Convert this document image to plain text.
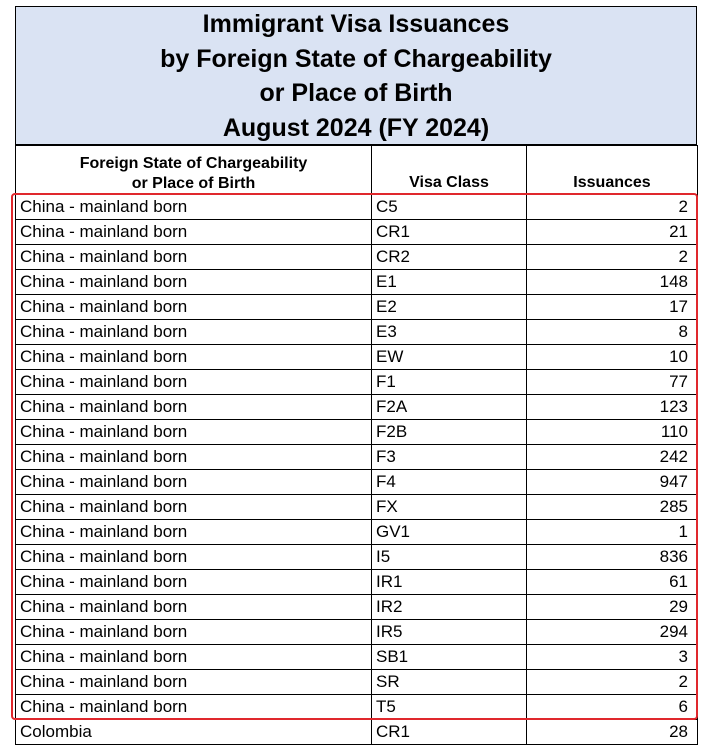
Immigrant Visa Issuances
by Foreign State of Chargeability
or Place of Birth
August 2024 (FY 2024)
Foreign State of Chargeability
or Place of Birth	Visa Class	Issuances
China - mainland born	C5	2
China - mainland born	CR1	21
China - mainland born	CR2	2
China - mainland born	E1	148
China - mainland born	E2	17
China - mainland born	E3	8
China - mainland born	EW	10
China - mainland born	F1	77
China - mainland born	F2A	123
China - mainland born	F2B	110
China - mainland born	F3	242
China - mainland born	F4	947
China - mainland born	FX	285
China - mainland born	GV1	1
China - mainland born	I5	836
China - mainland born	IR1	61
China - mainland born	IR2	29
China - mainland born	IR5	294
China - mainland born	SB1	3
China - mainland born	SR	2
China - mainland born	T5	6
Colombia	CR1	28
